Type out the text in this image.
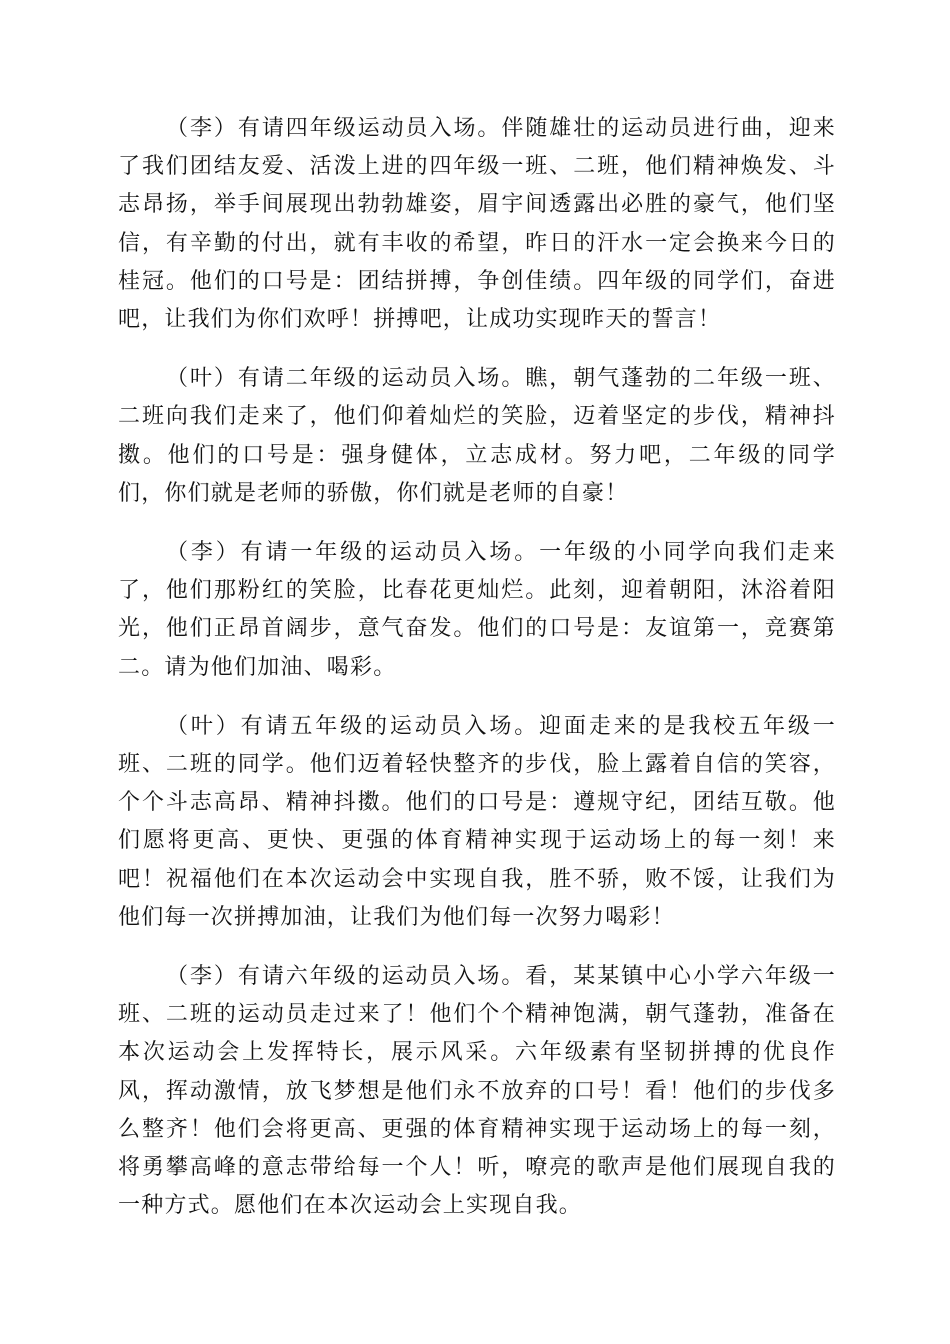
（李）有请四年级运动员入场。伴随雄壮的运动员进行曲，迎来了我们团结友爱、活泼上进的四年级一班、二班，他们精神焕发、斗志昂扬，举手间展现出勃勃雄姿，眉宇间透露出必胜的豪气，他们坚信，有辛勤的付出，就有丰收的希望，昨日的汗水一定会换来今日的桂冠。他们的口号是：团结拼搏，争创佳绩。四年级的同学们，奋进吧，让我们为你们欢呼！拼搏吧，让成功实现昨天的誓言！

（叶）有请二年级的运动员入场。瞧，朝气蓬勃的二年级一班、二班向我们走来了，他们仰着灿烂的笑脸，迈着坚定的步伐，精神抖擞。他们的口号是：强身健体，立志成材。努力吧，二年级的同学们，你们就是老师的骄傲，你们就是老师的自豪！

（李）有请一年级的运动员入场。一年级的小同学向我们走来了，他们那粉红的笑脸，比春花更灿烂。此刻，迎着朝阳，沐浴着阳光，他们正昂首阔步，意气奋发。他们的口号是：友谊第一，竞赛第二。请为他们加油、喝彩。

（叶）有请五年级的运动员入场。迎面走来的是我校五年级一班、二班的同学。他们迈着轻快整齐的步伐，脸上露着自信的笑容，个个斗志高昂、精神抖擞。他们的口号是：遵规守纪，团结互敬。他们愿将更高、更快、更强的体育精神实现于运动场上的每一刻！来吧！祝福他们在本次运动会中实现自我，胜不骄，败不馁，让我们为他们每一次拼搏加油，让我们为他们每一次努力喝彩！

（李）有请六年级的运动员入场。看，某某镇中心小学六年级一班、二班的运动员走过来了！他们个个精神饱满，朝气蓬勃，准备在本次运动会上发挥特长，展示风采。六年级素有坚韧拼搏的优良作风，挥动激情，放飞梦想是他们永不放弃的口号！看！他们的步伐多么整齐！他们会将更高、更强的体育精神实现于运动场上的每一刻，将勇攀高峰的意志带给每一个人！听，嘹亮的歌声是他们展现自我的一种方式。愿他们在本次运动会上实现自我。
